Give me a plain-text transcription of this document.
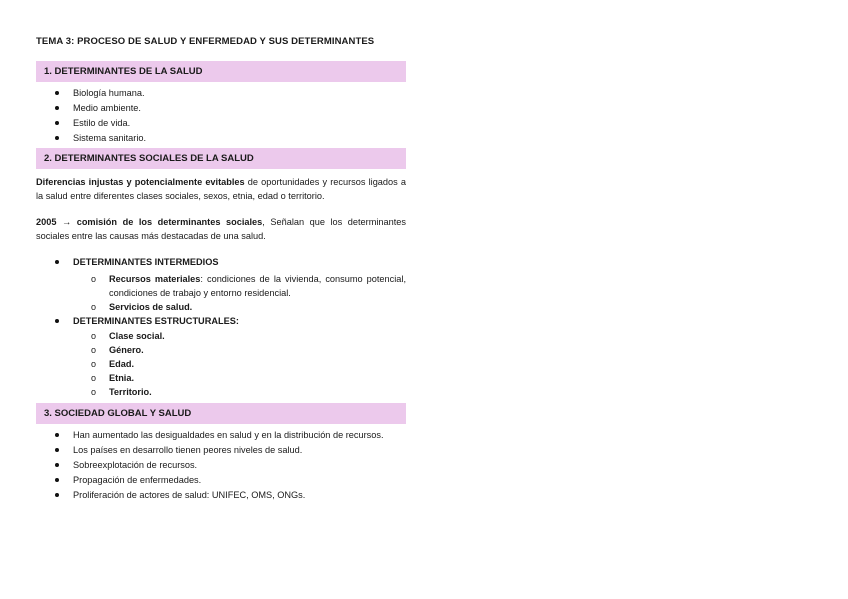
TEMA 3: PROCESO DE SALUD Y ENFERMEDAD Y SUS DETERMINANTES
1. DETERMINANTES DE LA SALUD
Biología humana.
Medio ambiente.
Estilo de vida.
Sistema sanitario.
2. DETERMINANTES SOCIALES DE LA SALUD

Diferencias injustas y potencialmente evitables de oportunidades y recursos ligados a la salud entre diferentes clases sociales, sexos, etnia, edad o territorio.

2005 → comisión de los determinantes sociales, Señalan que los determinantes sociales entre las causas más destacadas de una salud.

DETERMINANTES INTERMEDIOS
o Recursos materiales: condiciones de la vivienda, consumo potencial, condiciones de trabajo y entorno residencial.
o Servicios de salud.
DETERMINANTES ESTRUCTURALES:
o Clase social.
o Género.
o Edad.
o Etnia.
o Territorio.
3. SOCIEDAD GLOBAL Y SALUD
Han aumentado las desigualdades en salud y en la distribución de recursos.
Los países en desarrollo tienen peores niveles de salud.
Sobreexplotación de recursos.
Propagación de enfermedades.
Proliferación de actores de salud: UNIFEC, OMS, ONGs.
